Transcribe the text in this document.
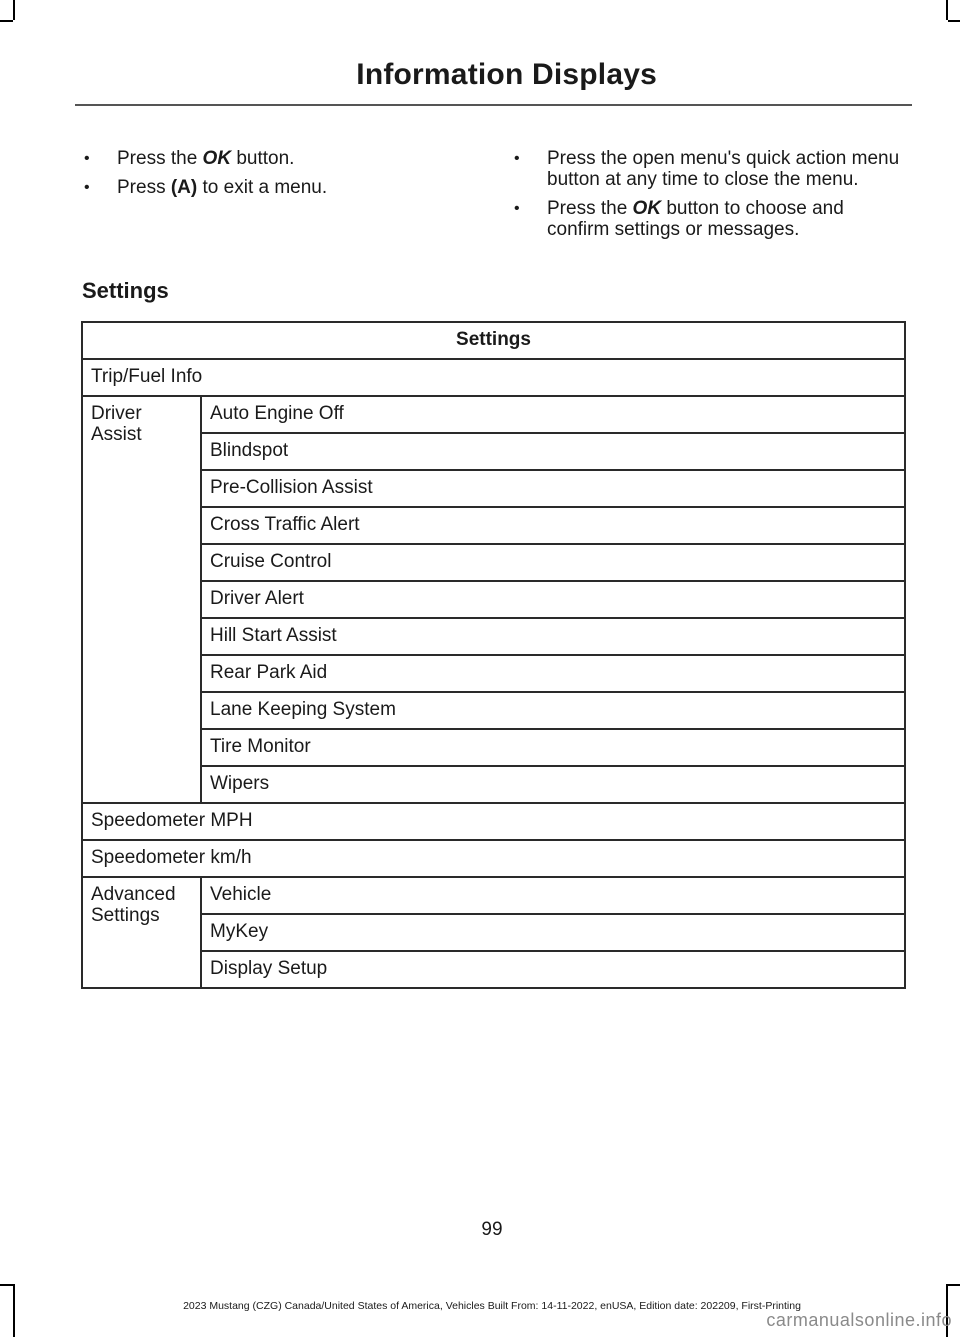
Information Displays
• Press the OK button.
• Press (A) to exit a menu.
• Press the open menu's quick action menu button at any time to close the menu.
• Press the OK button to choose and confirm settings or messages.
Settings
Settings	
Trip/Fuel Info	
Driver Assist	Auto Engine Off
	Blindspot
	Pre-Collision Assist
	Cross Traffic Alert
	Cruise Control
	Driver Alert
	Hill Start Assist
	Rear Park Aid
	Lane Keeping System
	Tire Monitor
	Wipers
Speedometer MPH	
Speedometer km/h	
Advanced Settings	Vehicle
	MyKey
	Display Setup
99
2023 Mustang (CZG) Canada/United States of America, Vehicles Built From: 14-11-2022, enUSA, Edition date: 202209, First-Printing
carmanualsonline.info
